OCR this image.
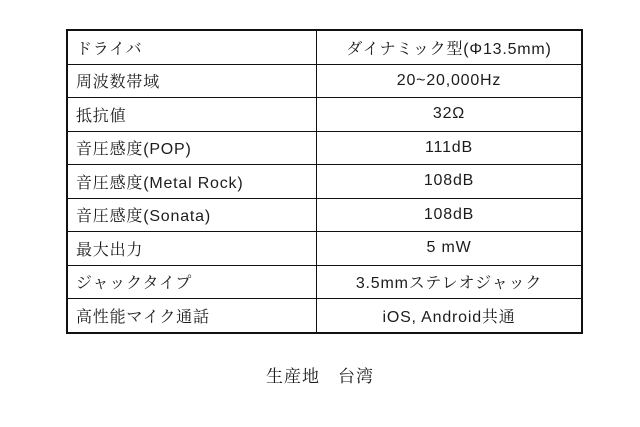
ドライバ	ダイナミック型(Φ13.5mm)
周波数帯域	20~20,000Hz
抵抗値	32Ω
音圧感度(POP)	111dB
音圧感度(Metal Rock)	108dB
音圧感度(Sonata)	108dB
最大出力	5 mW
ジャックタイプ	3.5mmステレオジャック
高性能マイク通話	iOS, Android共通
生産地　台湾
